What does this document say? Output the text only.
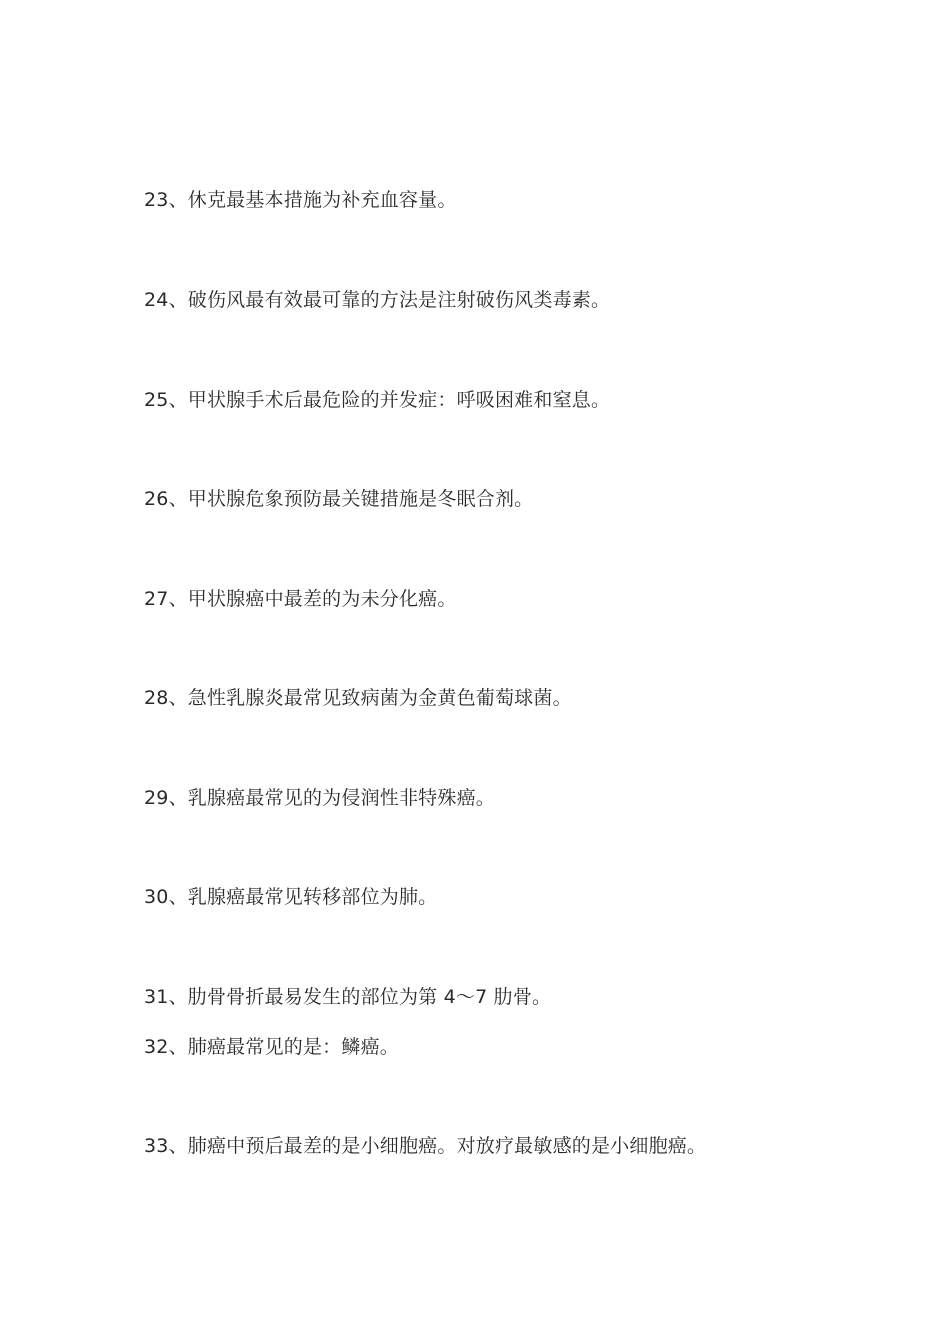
23、休克最基本措施为补充血容量。
24、破伤风最有效最可靠的方法是注射破伤风类毒素。
25、甲状腺手术后最危险的并发症：呼吸困难和窒息。
26、甲状腺危象预防最关键措施是冬眠合剂。
27、甲状腺癌中最差的为未分化癌。
28、急性乳腺炎最常见致病菌为金黄色葡萄球菌。
29、乳腺癌最常见的为侵润性非特殊癌。
30、乳腺癌最常见转移部位为肺。
31、肋骨骨折最易发生的部位为第 4～7 肋骨。
32、肺癌最常见的是：鳞癌。
33、肺癌中预后最差的是小细胞癌。对放疗最敏感的是小细胞癌。
